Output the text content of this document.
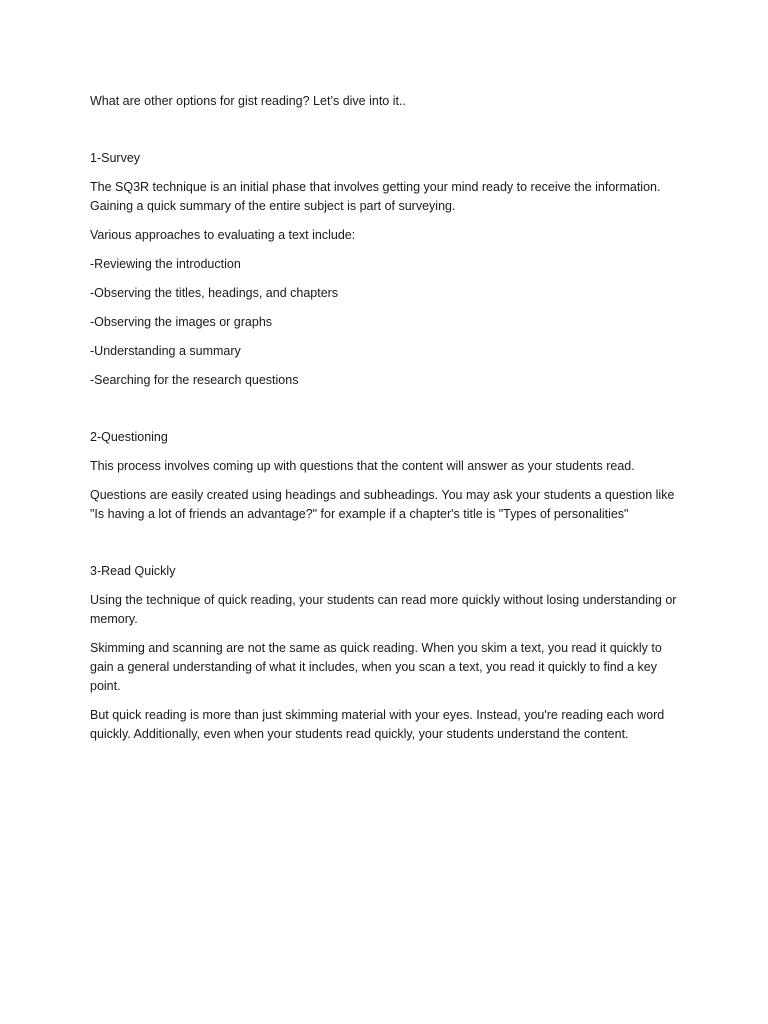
What are other options for gist reading? Let’s dive into it..

1-Survey

The SQ3R technique is an initial phase that involves getting your mind ready to receive the information. Gaining a quick summary of the entire subject is part of surveying.

Various approaches to evaluating a text include:

-Reviewing the introduction

-Observing the titles, headings, and chapters

-Observing the images or graphs

-Understanding a summary

-Searching for the research questions

2-Questioning

This process involves coming up with questions that the content will answer as your students read.

Questions are easily created using headings and subheadings. You may ask your students a question like "Is having a lot of friends an advantage?" for example if a chapter's title is "Types of personalities"

3-Read Quickly

Using the technique of quick reading, your students can read more quickly without losing understanding or memory.

Skimming and scanning are not the same as quick reading. When you skim a text, you read it quickly to gain a general understanding of what it includes, when you scan a text, you read it quickly to find a key point.

But quick reading is more than just skimming material with your eyes. Instead, you're reading each word quickly. Additionally, even when your students read quickly, your students understand the content.
